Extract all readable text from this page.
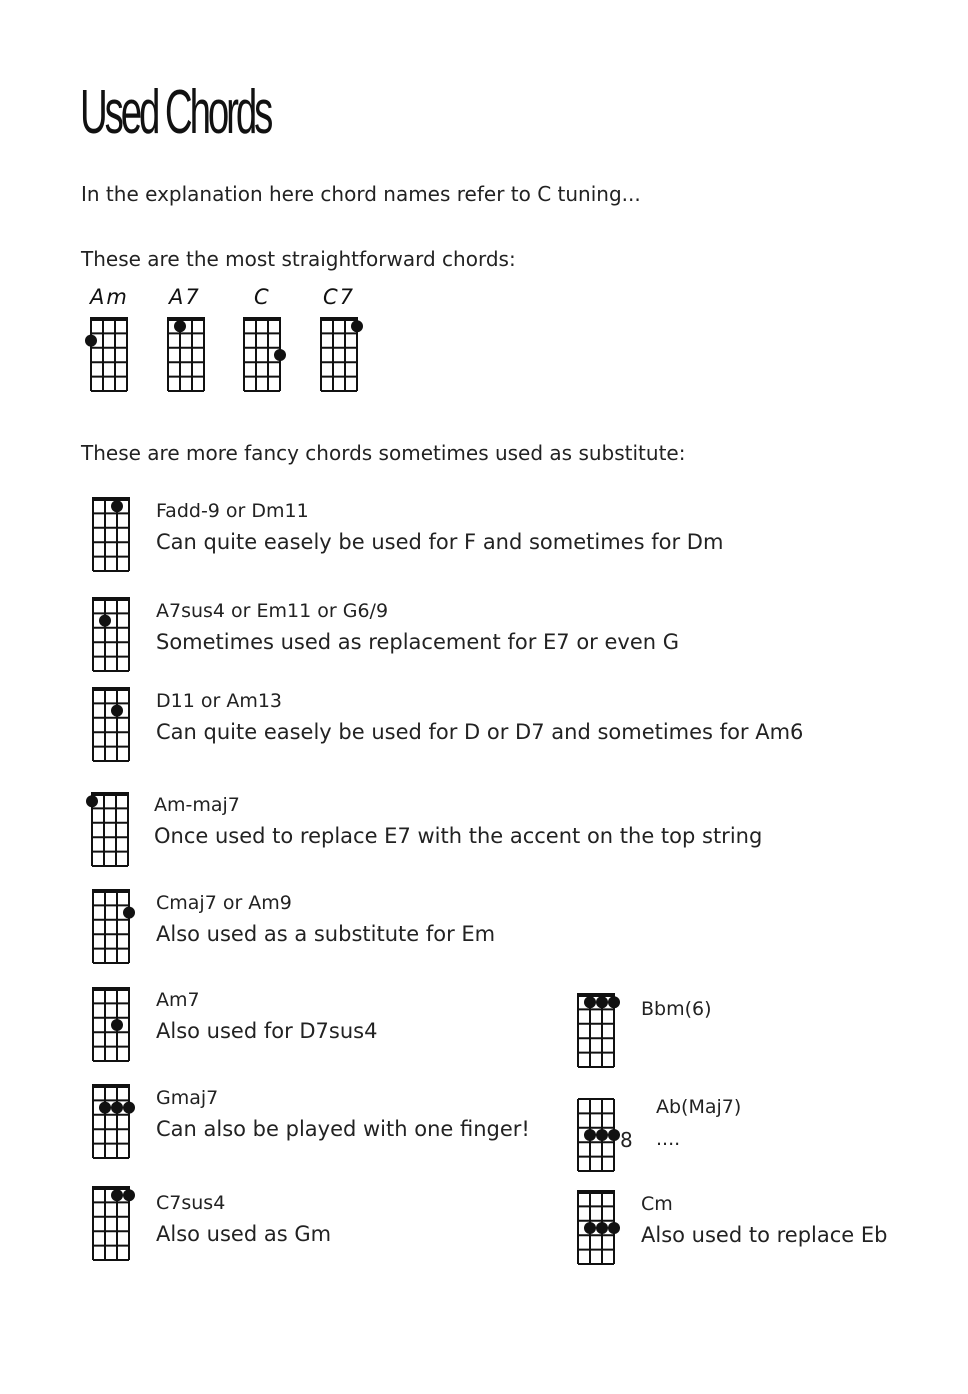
Used Chords
In the explanation here chord names refer to C tuning...
These are the most straightforward chords:
Am A7	C C7
These are more fancy chords sometimes used as substitute:
Fadd-9 or Dm11
Can quite easely be used for F and sometimes for Dm
A7sus4 or Em11 or G6/9
Sometimes used as replacement for E7 or even G
D11 or Am13
Can quite easely be used for D or D7 and sometimes for Am6
Am-maj7
Once used to replace E7 with the accent on the top string
Cmaj7 or Am9
Also used as a substitute for Em
Am7
Also used for D7sus4
Gmaj7
Can also be played with one finger!
C7sus4
Also used as Gm
Bbm(6)
8
Ab(Maj7)
....
Cm
Also used to replace Eb
